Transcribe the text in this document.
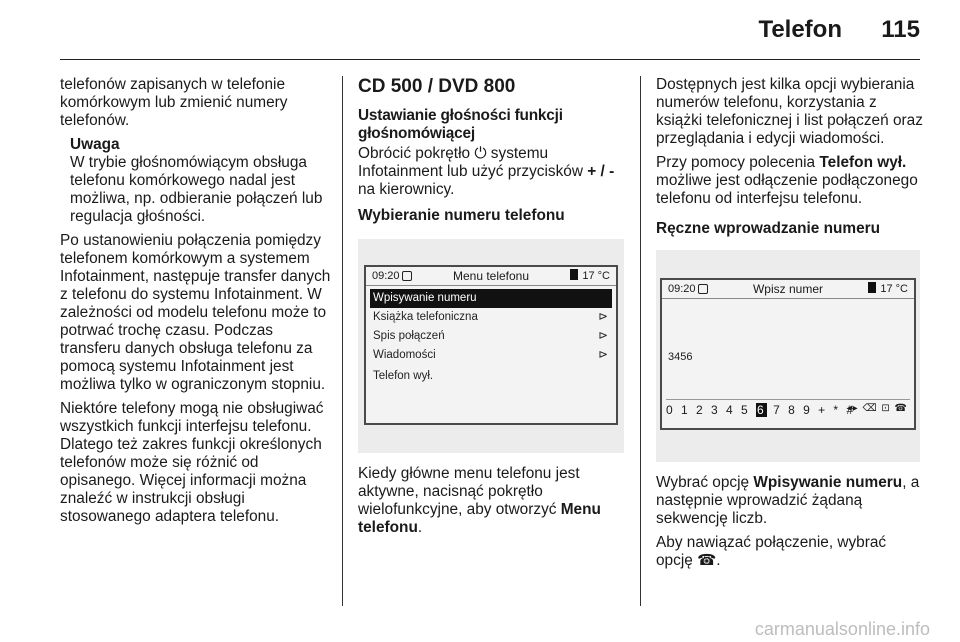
Telefon 115

telefonów zapisanych w telefonie komórkowym lub zmienić numery telefonów.

Uwaga
W trybie głośnomówiącym obsługa telefonu komórkowego nadal jest możliwa, np. odbieranie połączeń lub regulacja głośności.

Po ustanowieniu połączenia pomiędzy telefonem komórkowym a systemem Infotainment, następuje transfer danych z telefonu do systemu Infotainment. W zależności od modelu telefonu może to potrwać trochę czasu. Podczas transferu danych obsługa telefonu za pomocą systemu Infotainment jest możliwa tylko w ograniczonym stopniu.

Niektóre telefony mogą nie obsługiwać wszystkich funkcji interfejsu telefonu. Dlatego też zakres funkcji określonych telefonów może się różnić od opisanego. Więcej informacji można znaleźć w instrukcji obsługi stosowanego adaptera telefonu.

CD 500 / DVD 800
Ustawianie głośności funkcji głośnomówiącej

Obrócić pokrętło ⏻ systemu Infotainment lub użyć przycisków + / - na kierownicy.

Wybieranie numeru telefonu
09:20	Menu telefonu	17 °C
Wpisywanie numeru
Książka telefoniczna	⊳
Spis połączeń	⊳
Wiadomości	⊳
Telefon wył.

Kiedy główne menu telefonu jest aktywne, nacisnąć pokrętło wielofunkcyjne, aby otworzyć Menu telefonu.

Dostępnych jest kilka opcji wybierania numerów telefonu, korzystania z książki telefonicznej i list połączeń oraz przeglądania i edycji wiadomości.

Przy pomocy polecenia Telefon wył. możliwe jest odłączenie podłączonego telefonu od interfejsu telefonu.

Ręczne wprowadzanie numeru
09:20	Wpisz numer	17 °C
3456
0 1 2 3 4 5 6 7 8 9 + * #
◂▸ ⌫ ⊡ ☎

Wybrać opcję Wpisywanie numeru, a następnie wprowadzić żądaną sekwencję liczb.

Aby nawiązać połączenie, wybrać opcję ☎.

carmanualsonline.info
